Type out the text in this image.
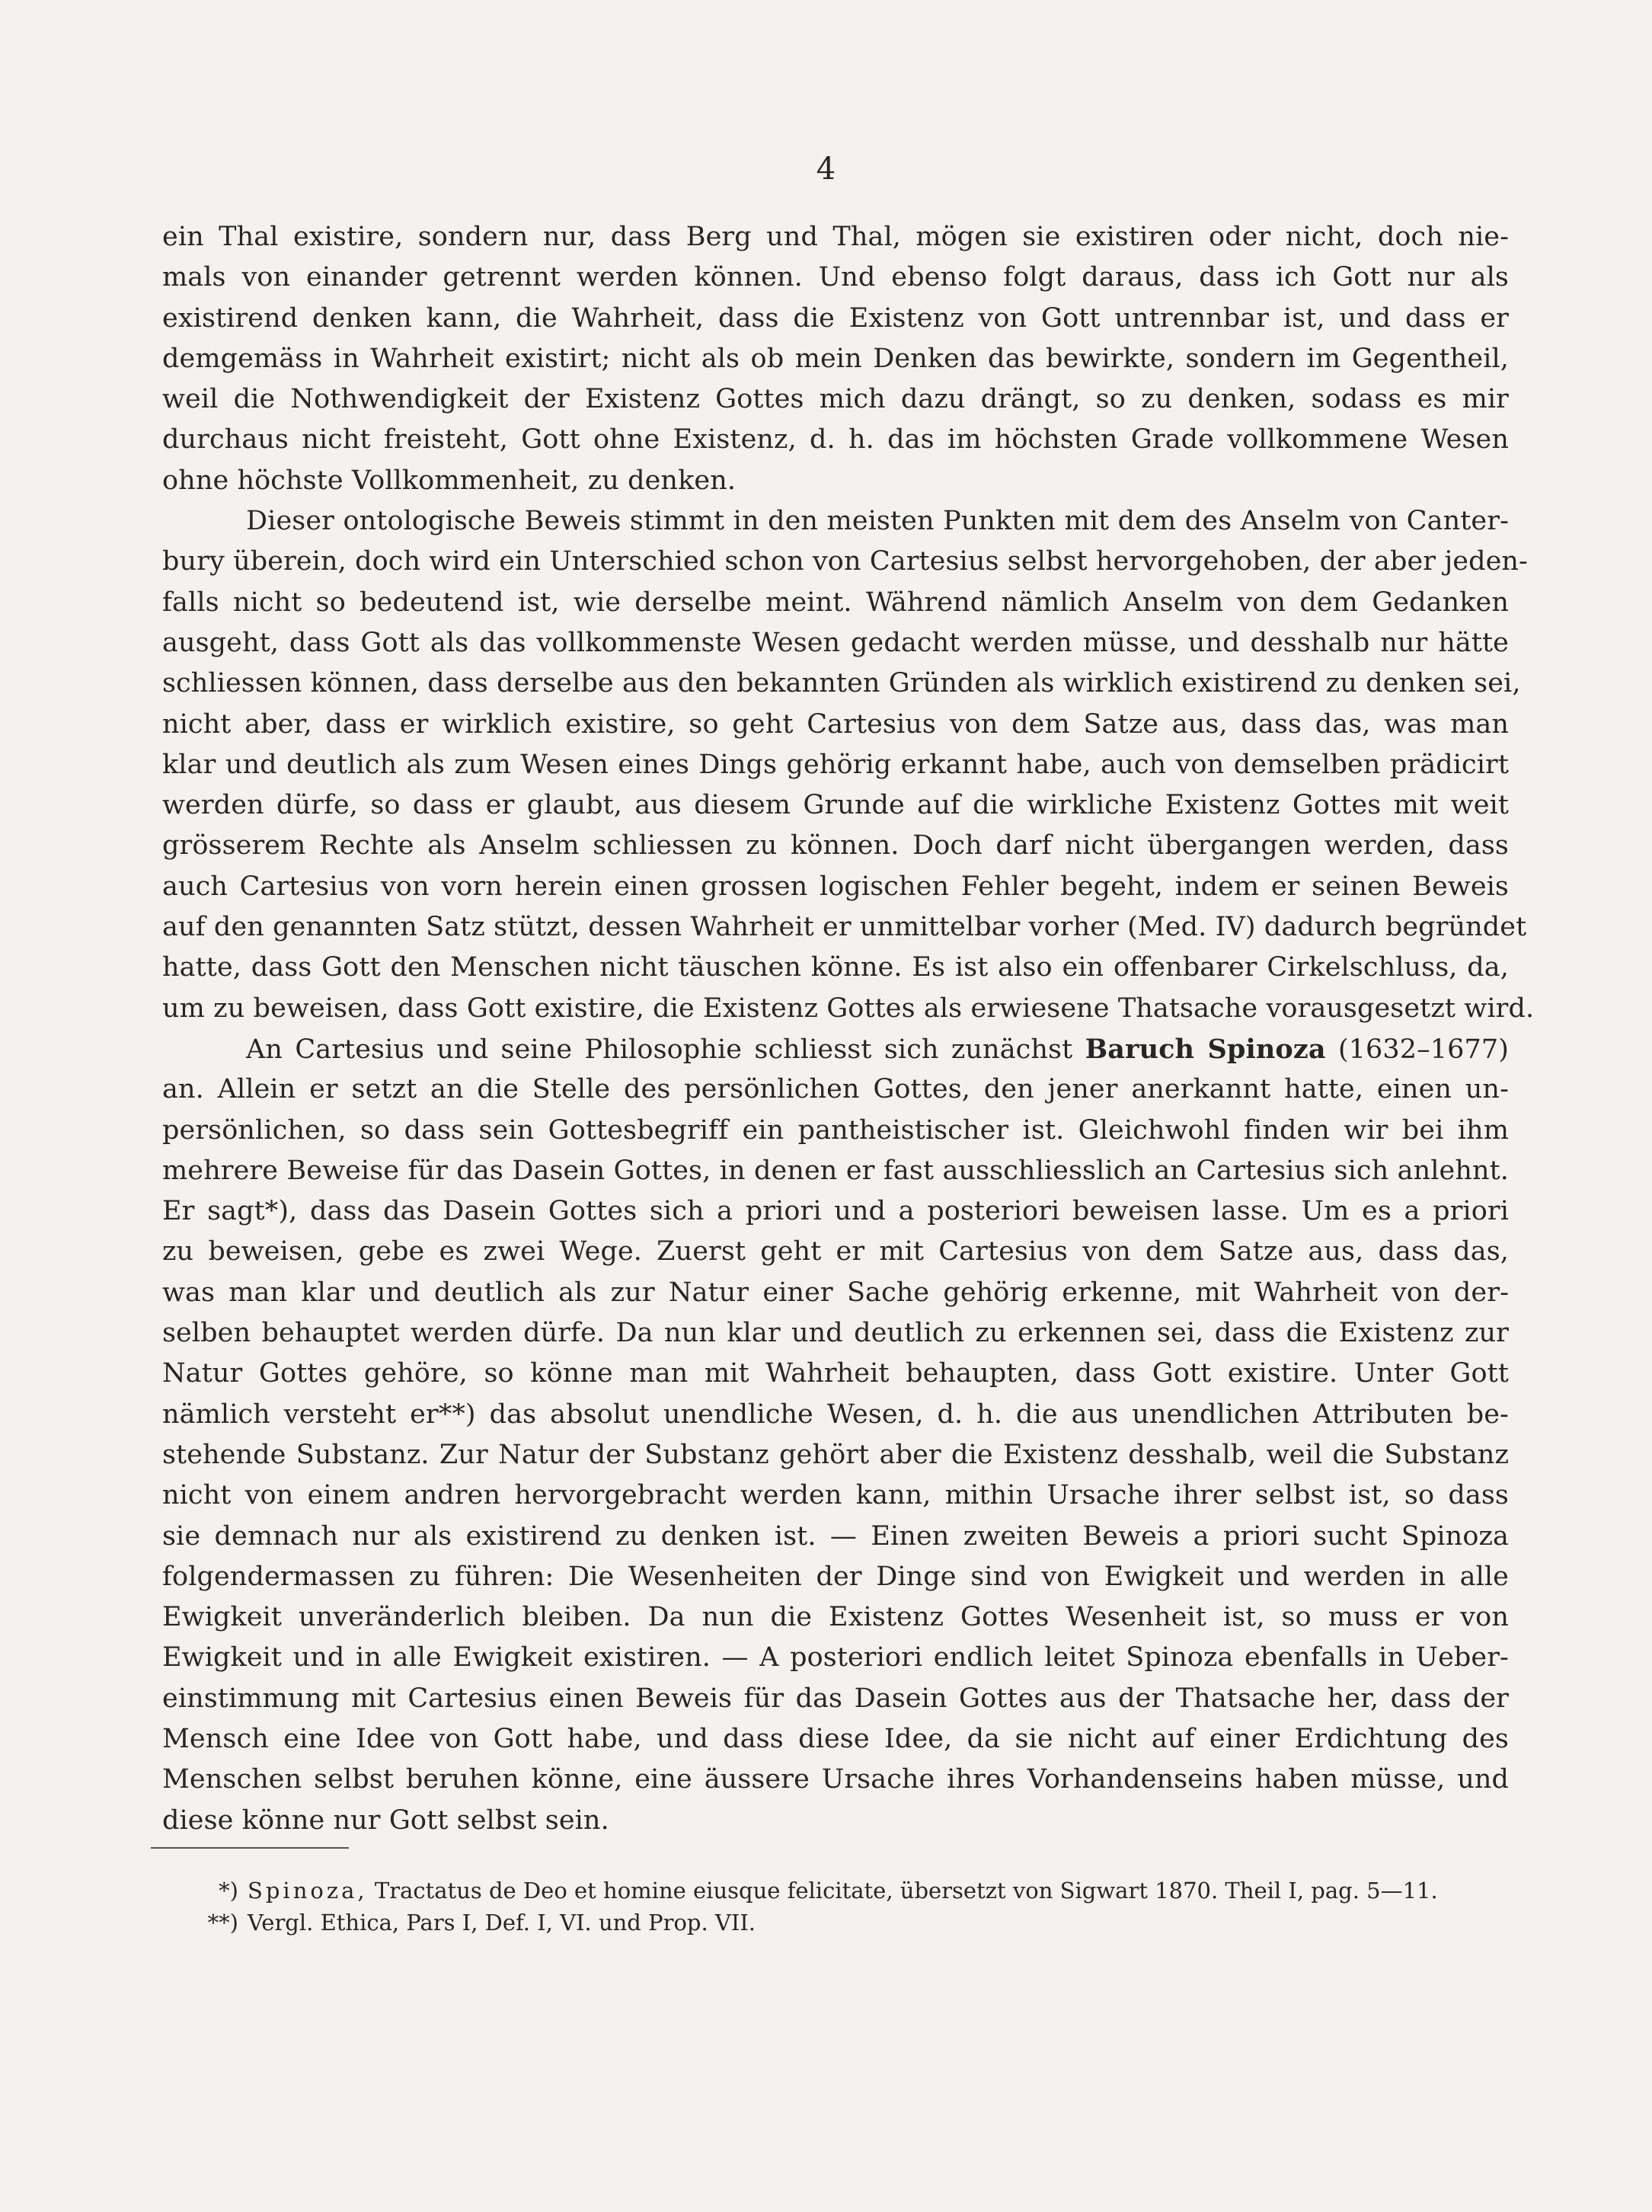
4
ein Thal existire, sondern nur, dass Berg und Thal, mögen sie existiren oder nicht, doch nie-
mals von einander getrennt werden können. Und ebenso folgt daraus, dass ich Gott nur als
existirend denken kann, die Wahrheit, dass die Existenz von Gott untrennbar ist, und dass er
demgemäss in Wahrheit existirt; nicht als ob mein Denken das bewirkte, sondern im Gegentheil,
weil die Nothwendigkeit der Existenz Gottes mich dazu drängt, so zu denken, sodass es mir
durchaus nicht freisteht, Gott ohne Existenz, d. h. das im höchsten Grade vollkommene Wesen
ohne höchste Vollkommenheit, zu denken.
Dieser ontologische Beweis stimmt in den meisten Punkten mit dem des Anselm von Canter-
bury überein, doch wird ein Unterschied schon von Cartesius selbst hervorgehoben, der aber jeden-
falls nicht so bedeutend ist, wie derselbe meint. Während nämlich Anselm von dem Gedanken
ausgeht, dass Gott als das vollkommenste Wesen gedacht werden müsse, und desshalb nur hätte
schliessen können, dass derselbe aus den bekannten Gründen als wirklich existirend zu denken sei,
nicht aber, dass er wirklich existire, so geht Cartesius von dem Satze aus, dass das, was man
klar und deutlich als zum Wesen eines Dings gehörig erkannt habe, auch von demselben prädicirt
werden dürfe, so dass er glaubt, aus diesem Grunde auf die wirkliche Existenz Gottes mit weit
grösserem Rechte als Anselm schliessen zu können. Doch darf nicht übergangen werden, dass
auch Cartesius von vorn herein einen grossen logischen Fehler begeht, indem er seinen Beweis
auf den genannten Satz stützt, dessen Wahrheit er unmittelbar vorher (Med. IV) dadurch begründet
hatte, dass Gott den Menschen nicht täuschen könne. Es ist also ein offenbarer Cirkelschluss, da,
um zu beweisen, dass Gott existire, die Existenz Gottes als erwiesene Thatsache vorausgesetzt wird.
An Cartesius und seine Philosophie schliesst sich zunächst Baruch Spinoza (1632–1677)
an. Allein er setzt an die Stelle des persönlichen Gottes, den jener anerkannt hatte, einen un-
persönlichen, so dass sein Gottesbegriff ein pantheistischer ist. Gleichwohl finden wir bei ihm
mehrere Beweise für das Dasein Gottes, in denen er fast ausschliesslich an Cartesius sich anlehnt.
Er sagt*), dass das Dasein Gottes sich a priori und a posteriori beweisen lasse. Um es a priori
zu beweisen, gebe es zwei Wege. Zuerst geht er mit Cartesius von dem Satze aus, dass das,
was man klar und deutlich als zur Natur einer Sache gehörig erkenne, mit Wahrheit von der-
selben behauptet werden dürfe. Da nun klar und deutlich zu erkennen sei, dass die Existenz zur
Natur Gottes gehöre, so könne man mit Wahrheit behaupten, dass Gott existire. Unter Gott
nämlich versteht er**) das absolut unendliche Wesen, d. h. die aus unendlichen Attributen be-
stehende Substanz. Zur Natur der Substanz gehört aber die Existenz desshalb, weil die Substanz
nicht von einem andren hervorgebracht werden kann, mithin Ursache ihrer selbst ist, so dass
sie demnach nur als existirend zu denken ist. — Einen zweiten Beweis a priori sucht Spinoza
folgendermassen zu führen: Die Wesenheiten der Dinge sind von Ewigkeit und werden in alle
Ewigkeit unveränderlich bleiben. Da nun die Existenz Gottes Wesenheit ist, so muss er von
Ewigkeit und in alle Ewigkeit existiren. — A posteriori endlich leitet Spinoza ebenfalls in Ueber-
einstimmung mit Cartesius einen Beweis für das Dasein Gottes aus der Thatsache her, dass der
Mensch eine Idee von Gott habe, und dass diese Idee, da sie nicht auf einer Erdichtung des
Menschen selbst beruhen könne, eine äussere Ursache ihres Vorhandenseins haben müsse, und
diese könne nur Gott selbst sein.
*) Spinoza, Tractatus de Deo et homine eiusque felicitate, übersetzt von Sigwart 1870. Theil I, pag. 5—11.
**) Vergl. Ethica, Pars I, Def. I, VI. und Prop. VII.
